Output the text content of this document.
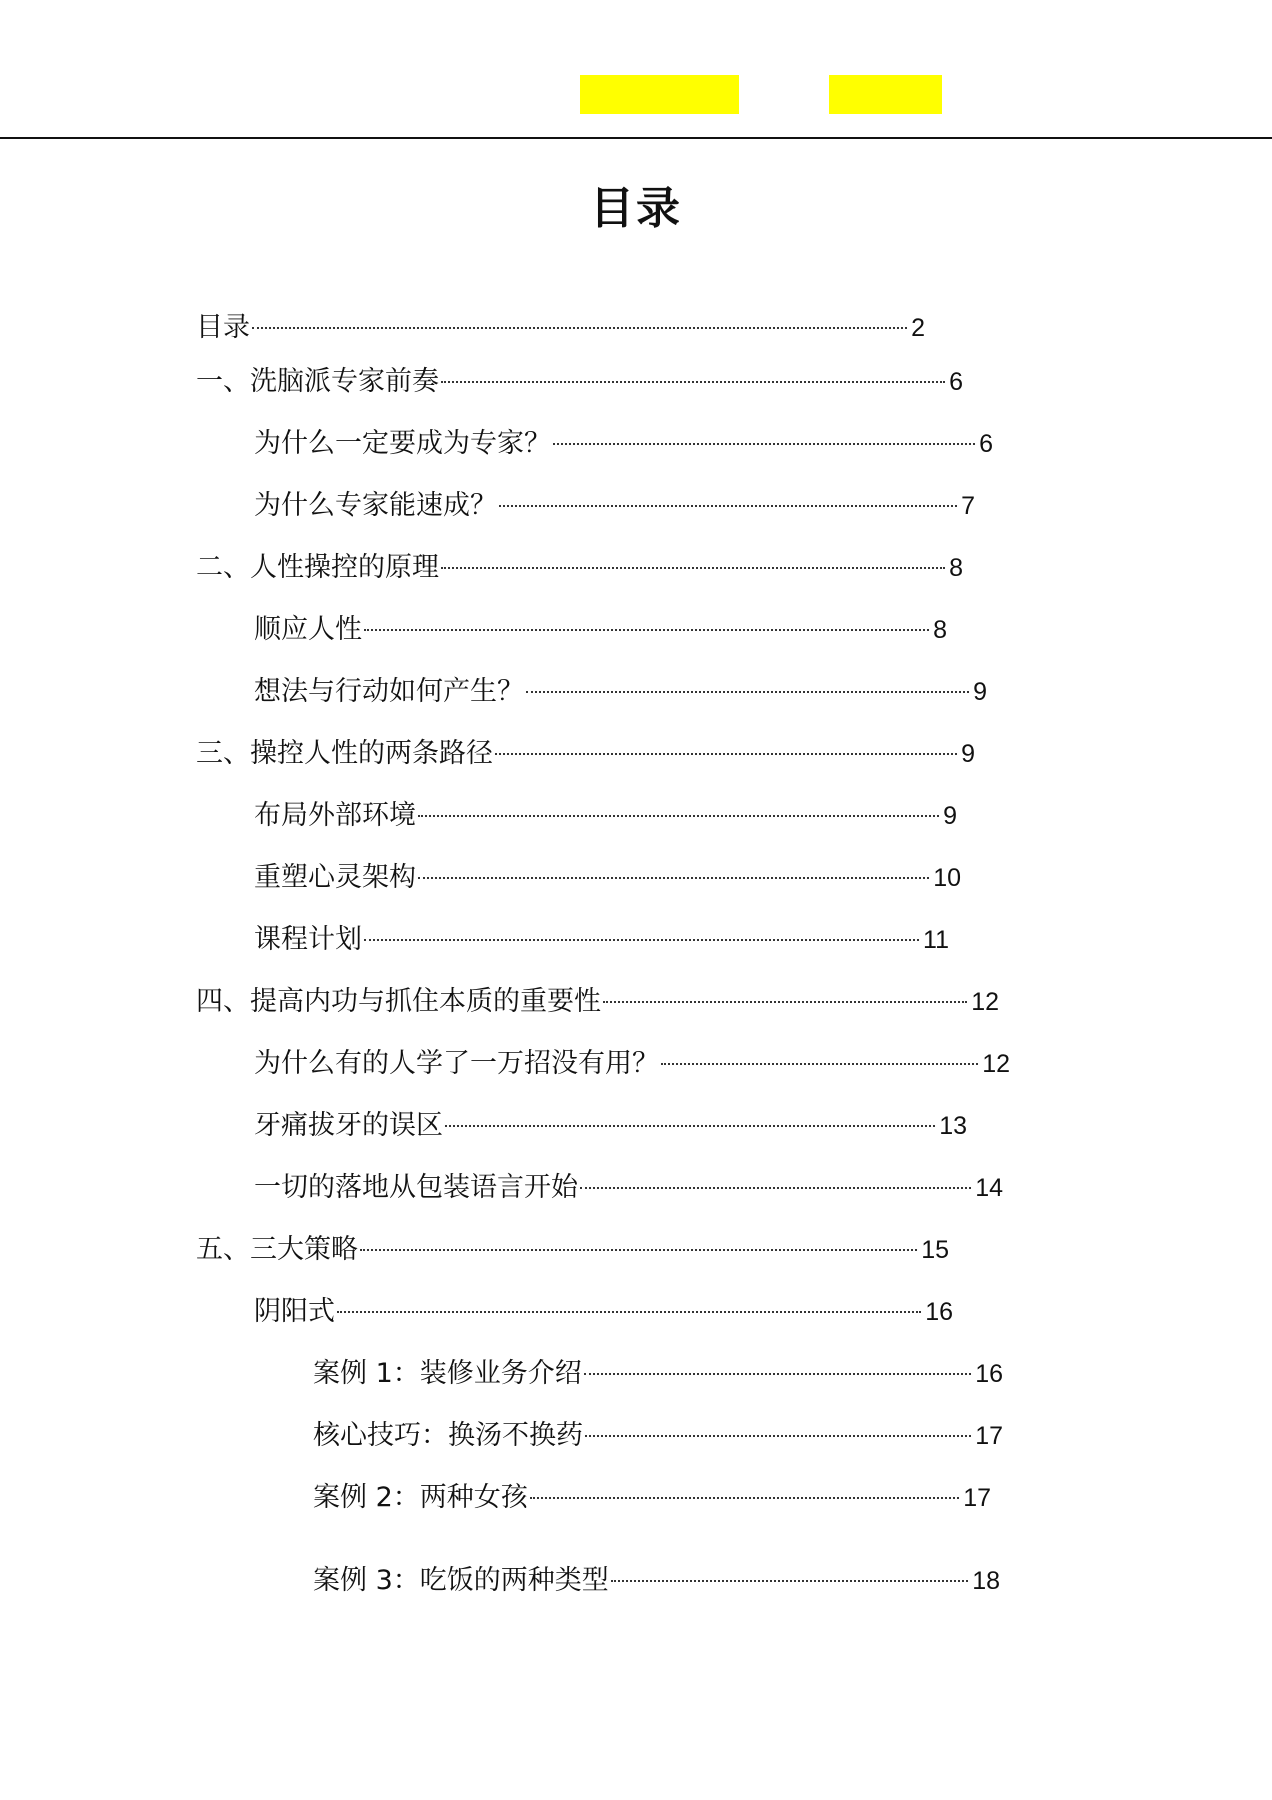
目录
目录	2
一、洗脑派专家前奏	6
为什么一定要成为专家？	6
为什么专家能速成？	7
二、人性操控的原理	8
顺应人性	8
想法与行动如何产生？	9
三、操控人性的两条路径	9
布局外部环境	9
重塑心灵架构	10
课程计划	11
四、提高内功与抓住本质的重要性	12
为什么有的人学了一万招没有用？	12
牙痛拔牙的误区	13
一切的落地从包装语言开始	14
五、三大策略	15
阴阳式	16
案例 1：装修业务介绍	16
核心技巧：换汤不换药	17
案例 2：两种女孩	17
案例 3：吃饭的两种类型	18
